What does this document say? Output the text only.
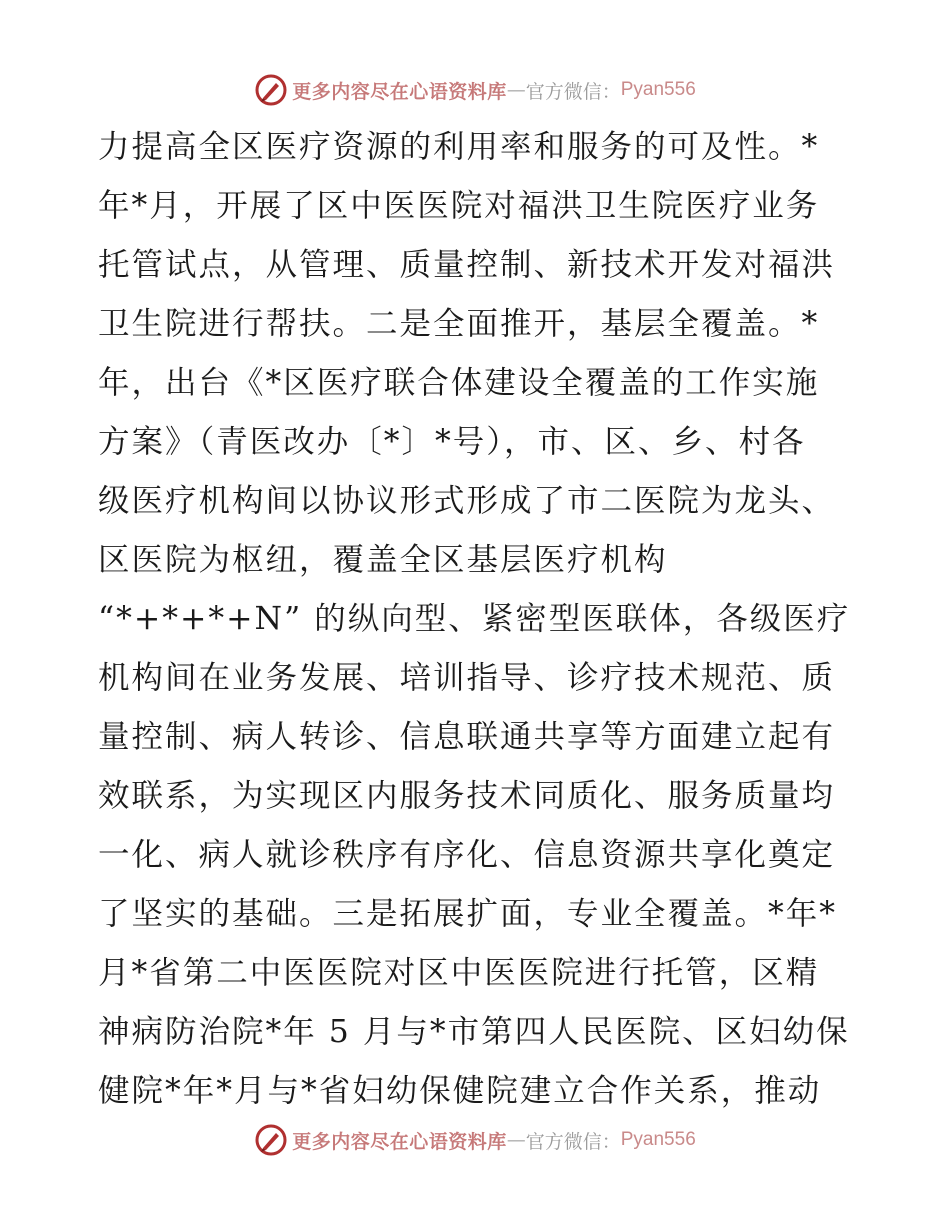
更多内容尽在心语资料库 — 官方微信： Pyan556
力提高全区医疗资源的利用率和服务的可及性。*
年*月，开展了区中医医院对福洪卫生院医疗业务
托管试点，从管理、质量控制、新技术开发对福洪
卫生院进行帮扶。二是全面推开，基层全覆盖。*
年，出台《*区医疗联合体建设全覆盖的工作实施
方案》（青医改办〔*〕*号），市、区、乡、村各
级医疗机构间以协议形式形成了市二医院为龙头、
区医院为枢纽，覆盖全区基层医疗机构
“*+*+*+N” 的纵向型、紧密型医联体，各级医疗
机构间在业务发展、培训指导、诊疗技术规范、质
量控制、病人转诊、信息联通共享等方面建立起有
效联系，为实现区内服务技术同质化、服务质量均
一化、病人就诊秩序有序化、信息资源共享化奠定
了坚实的基础。三是拓展扩面，专业全覆盖。*年*
月*省第二中医医院对区中医医院进行托管，区精
神病防治院*年 5 月与*市第四人民医院、区妇幼保
健院*年*月与*省妇幼保健院建立合作关系，推动
更多内容尽在心语资料库 — 官方微信： Pyan556
